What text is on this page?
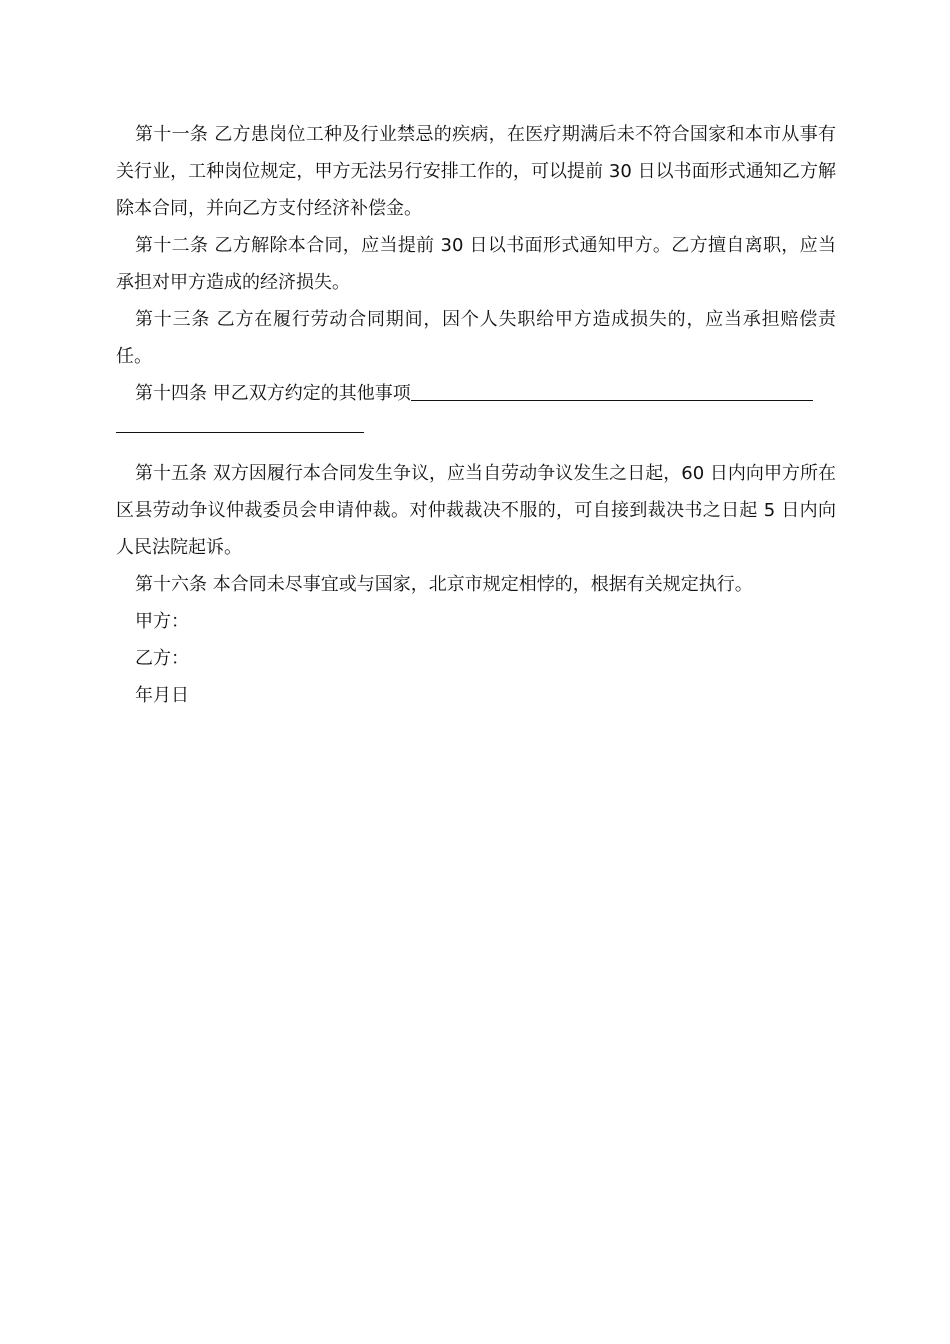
第十一条 乙方患岗位工种及行业禁忌的疾病，在医疗期满后未不符合国家和本市从事有关行业，工种岗位规定，甲方无法另行安排工作的，可以提前 30 日以书面形式通知乙方解除本合同，并向乙方支付经济补偿金。

第十二条 乙方解除本合同，应当提前 30 日以书面形式通知甲方。乙方擅自离职，应当承担对甲方造成的经济损失。

第十三条 乙方在履行劳动合同期间，因个人失职给甲方造成损失的，应当承担赔偿责任。

第十四条 甲乙双方约定的其他事项

第十五条 双方因履行本合同发生争议，应当自劳动争议发生之日起，60 日内向甲方所在区县劳动争议仲裁委员会申请仲裁。对仲裁裁决不服的，可自接到裁决书之日起 5 日内向人民法院起诉。

第十六条 本合同未尽事宜或与国家，北京市规定相悖的，根据有关规定执行。

甲方：

乙方：

年月日
